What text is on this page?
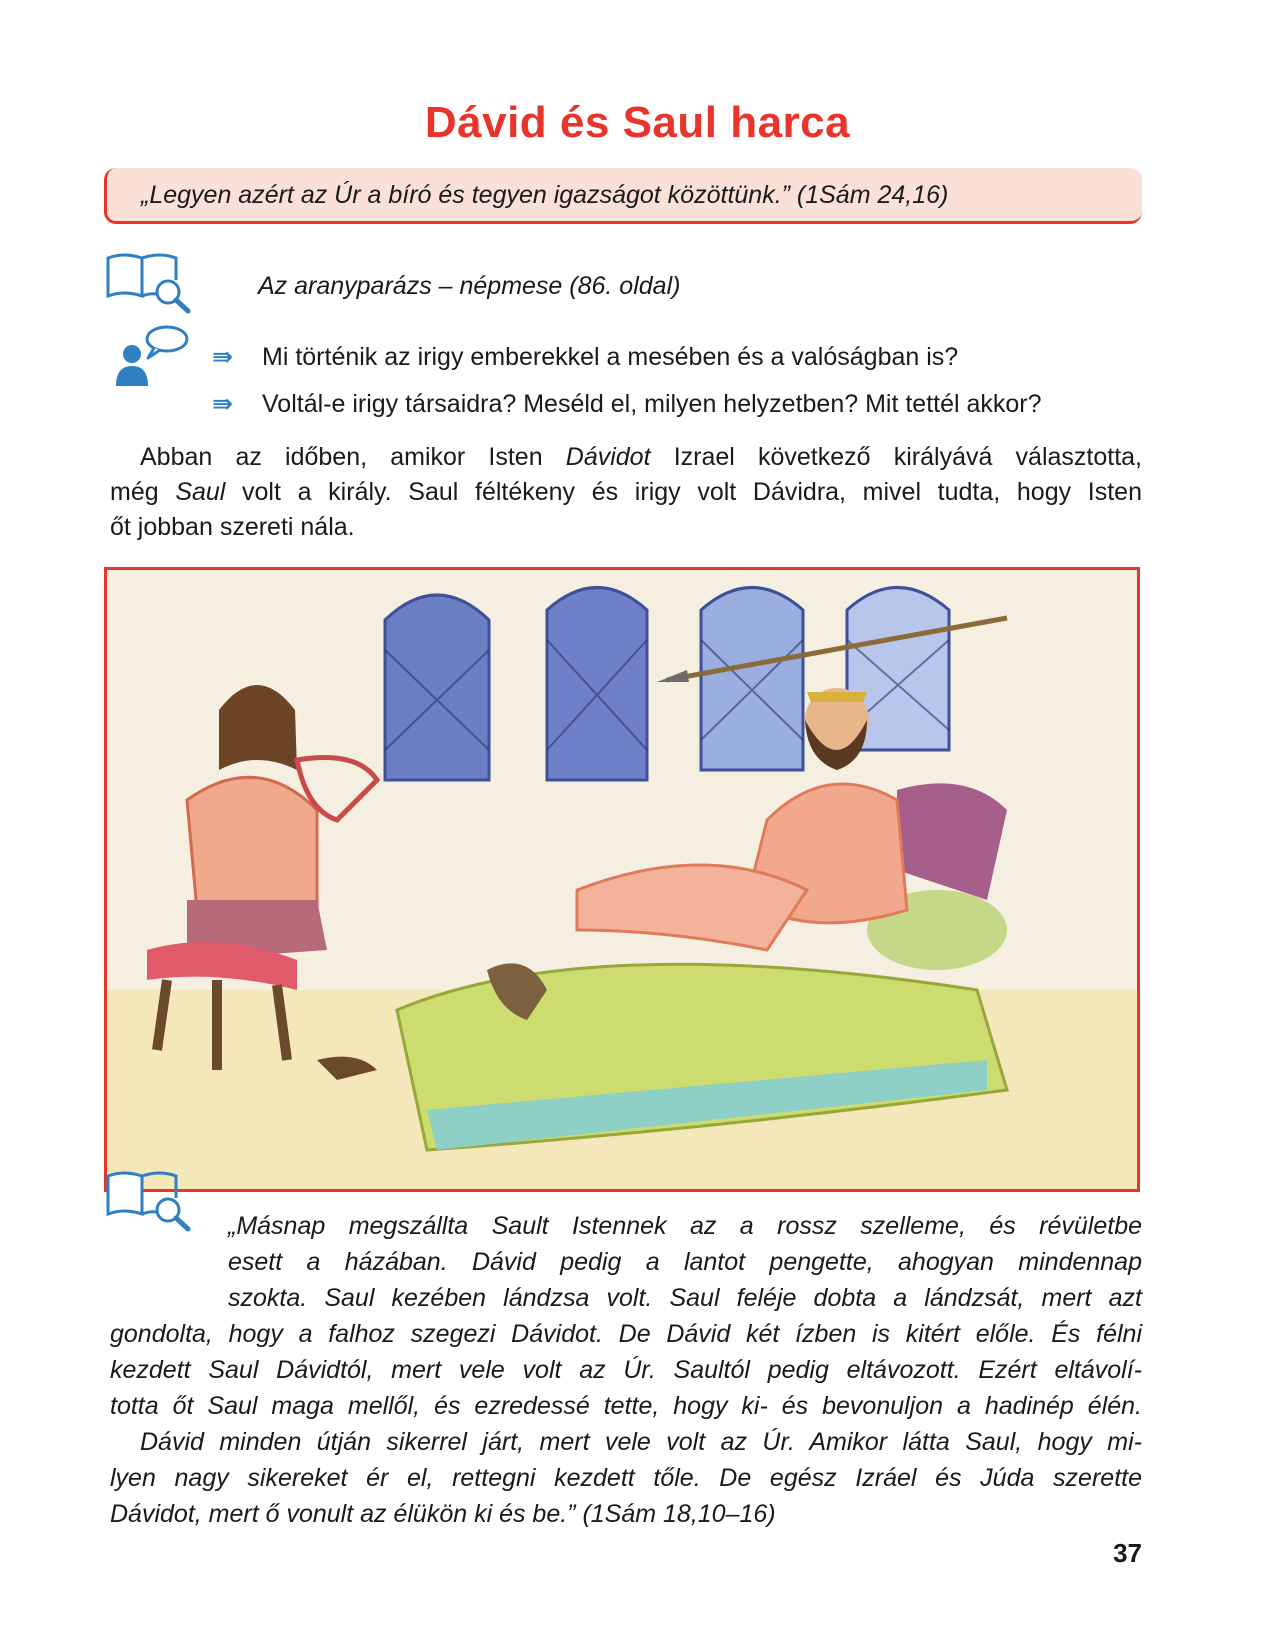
Dávid és Saul harca
„Legyen azért az Úr a bíró és tegyen igazságot közöttünk.” (1Sám 24,16)
Az aranyparázs – népmese (86. oldal)
⇛ Mi történik az irigy emberekkel a mesében és a valóságban is?
⇛ Voltál-e irigy társaidra? Meséld el, milyen helyzetben? Mit tettél akkor?
Abban az időben, amikor Isten Dávidot Izrael következő királyává választotta,
még Saul volt a király. Saul féltékeny és irigy volt Dávidra, mivel tudta, hogy Isten
őt jobban szereti nála.
„Másnap megszállta Sault Istennek az a rossz szelleme, és révületbe
esett a házában. Dávid pedig a lantot pengette, ahogyan mindennap
szokta. Saul kezében lándzsa volt. Saul feléje dobta a lándzsát, mert azt
gondolta, hogy a falhoz szegezi Dávidot. De Dávid két ízben is kitért előle. És félni
kezdett Saul Dávidtól, mert vele volt az Úr. Saultól pedig eltávozott. Ezért eltávolí-
totta őt Saul maga mellől, és ezredessé tette, hogy ki- és bevonuljon a hadinép élén.
Dávid minden útján sikerrel járt, mert vele volt az Úr. Amikor látta Saul, hogy mi-
lyen nagy sikereket ér el, rettegni kezdett tőle. De egész Izráel és Júda szerette
Dávidot, mert ő vonult az élükön ki és be.” (1Sám 18,10–16)
37
